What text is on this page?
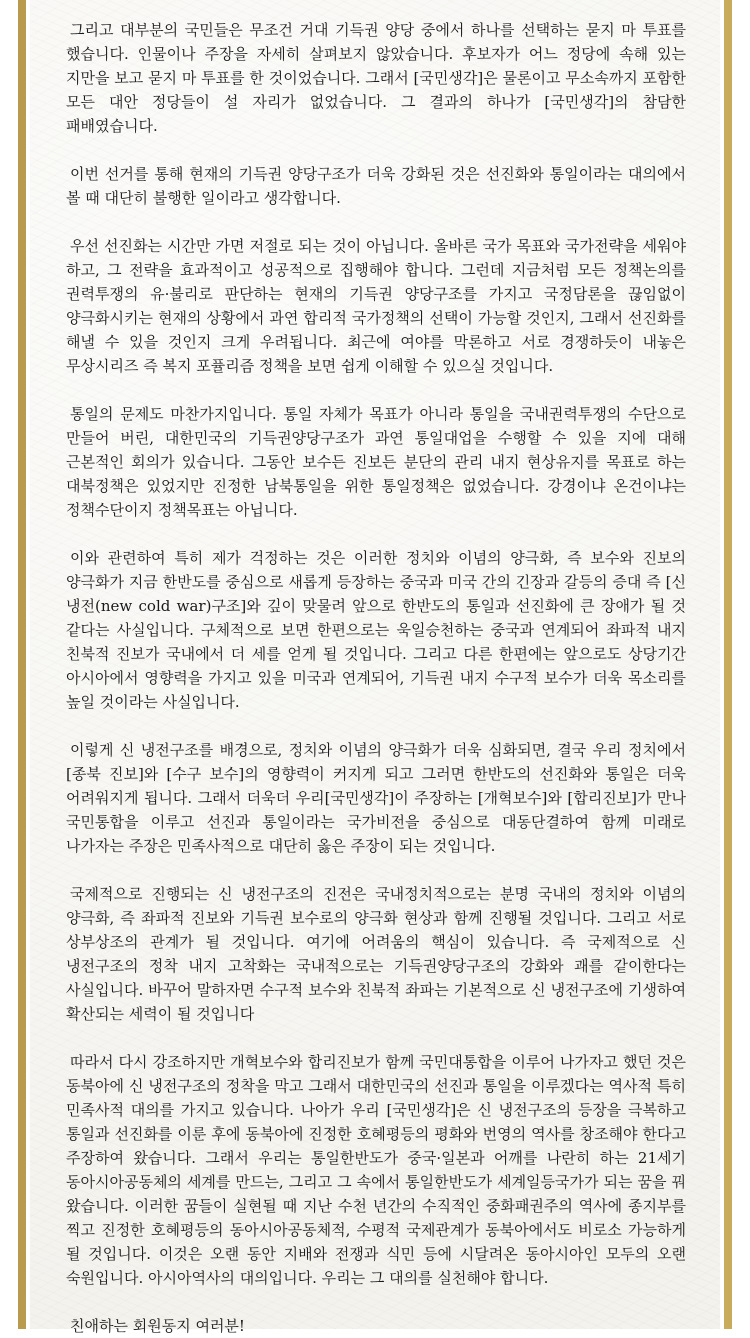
그리고 대부분의 국민들은 무조건 거대 기득권 양당 중에서 하나를 선택하는 묻지 마 투표를 했습니다. 인물이나 주장을 자세히 살펴보지 않았습니다. 후보자가 어느 정당에 속해 있는 지만을 보고 묻지 마 투표를 한 것이었습니다. 그래서 [국민생각]은 물론이고 무소속까지 포함한 모든 대안 정당들이 설 자리가 없었습니다. 그 결과의 하나가 [국민생각]의 참담한 패배였습니다.

이번 선거를 통해 현재의 기득권 양당구조가 더욱 강화된 것은 선진화와 통일이라는 대의에서 볼 때 대단히 불행한 일이라고 생각합니다.

우선 선진화는 시간만 가면 저절로 되는 것이 아닙니다. 올바른 국가 목표와 국가전략을 세워야 하고, 그 전략을 효과적이고 성공적으로 집행해야 합니다. 그런데 지금처럼 모든 정책논의를 권력투쟁의 유·불리로 판단하는 현재의 기득권 양당구조를 가지고 국정담론을 끊임없이 양극화시키는 현재의 상황에서 과연 합리적 국가정책의 선택이 가능할 것인지, 그래서 선진화를 해낼 수 있을 것인지 크게 우려됩니다. 최근에 여야를 막론하고 서로 경쟁하듯이 내놓은 무상시리즈 즉 복지 포퓰리즘 정책을 보면 쉽게 이해할 수 있으실 것입니다.

통일의 문제도 마찬가지입니다. 통일 자체가 목표가 아니라 통일을 국내권력투쟁의 수단으로 만들어 버린, 대한민국의 기득권양당구조가 과연 통일대업을 수행할 수 있을 지에 대해 근본적인 회의가 있습니다. 그동안 보수든 진보든 분단의 관리 내지 현상유지를 목표로 하는 대북정책은 있었지만 진정한 남북통일을 위한 통일정책은 없었습니다. 강경이냐 온건이냐는 정책수단이지 정책목표는 아닙니다.

이와 관련하여 특히 제가 걱정하는 것은 이러한 정치와 이념의 양극화, 즉 보수와 진보의 양극화가 지금 한반도를 중심으로 새롭게 등장하는 중국과 미국 간의 긴장과 갈등의 증대 즉 [신 냉전(new cold war)구조]와 깊이 맞물려 앞으로 한반도의 통일과 선진화에 큰 장애가 될 것 같다는 사실입니다. 구체적으로 보면 한편으로는 욱일승천하는 중국과 연계되어 좌파적 내지 친북적 진보가 국내에서 더 세를 얻게 될 것입니다. 그리고 다른 한편에는 앞으로도 상당기간 아시아에서 영향력을 가지고 있을 미국과 연계되어, 기득권 내지 수구적 보수가 더욱 목소리를 높일 것이라는 사실입니다.

이렇게 신 냉전구조를 배경으로, 정치와 이념의 양극화가 더욱 심화되면, 결국 우리 정치에서 [종북 진보]와 [수구 보수]의 영향력이 커지게 되고 그러면 한반도의 선진화와 통일은 더욱 어려워지게 됩니다. 그래서 더욱더 우리[국민생각]이 주장하는 [개혁보수]와 [합리진보]가 만나 국민통합을 이루고 선진과 통일이라는 국가비전을 중심으로 대동단결하여 함께 미래로 나가자는 주장은 민족사적으로 대단히 옳은 주장이 되는 것입니다.

국제적으로 진행되는 신 냉전구조의 진전은 국내정치적으로는 분명 국내의 정치와 이념의 양극화, 즉 좌파적 진보와 기득권 보수로의 양극화 현상과 함께 진행될 것입니다. 그리고 서로 상부상조의 관계가 될 것입니다. 여기에 어려움의 핵심이 있습니다. 즉 국제적으로 신 냉전구조의 정착 내지 고착화는 국내적으로는 기득권양당구조의 강화와 괘를 같이한다는 사실입니다. 바꾸어 말하자면 수구적 보수와 친북적 좌파는 기본적으로 신 냉전구조에 기생하여 확산되는 세력이 될 것입니다

따라서 다시 강조하지만 개혁보수와 합리진보가 함께 국민대통합을 이루어 나가자고 했던 것은 동북아에 신 냉전구조의 정착을 막고 그래서 대한민국의 선진과 통일을 이루겠다는 역사적 특히 민족사적 대의를 가지고 있습니다. 나아가 우리 [국민생각]은 신 냉전구조의 등장을 극복하고 통일과 선진화를 이룬 후에 동북아에 진정한 호혜평등의 평화와 번영의 역사를 창조해야 한다고 주장하여 왔습니다. 그래서 우리는 통일한반도가 중국·일본과 어깨를 나란히 하는 21세기 동아시아공동체의 세계를 만드는, 그리고 그 속에서 통일한반도가 세계일등국가가 되는 꿈을 꿔 왔습니다. 이러한 꿈들이 실현될 때 지난 수천 년간의 수직적인 중화패권주의 역사에 종지부를 찍고 진정한 호혜평등의 동아시아공동체적, 수평적 국제관계가 동북아에서도 비로소 가능하게 될 것입니다. 이것은 오랜 동안 지배와 전쟁과 식민 등에 시달려온 동아시아인 모두의 오랜 숙원입니다. 아시아역사의 대의입니다. 우리는 그 대의를 실천해야 합니다.

친애하는 회원동지 여러분!
